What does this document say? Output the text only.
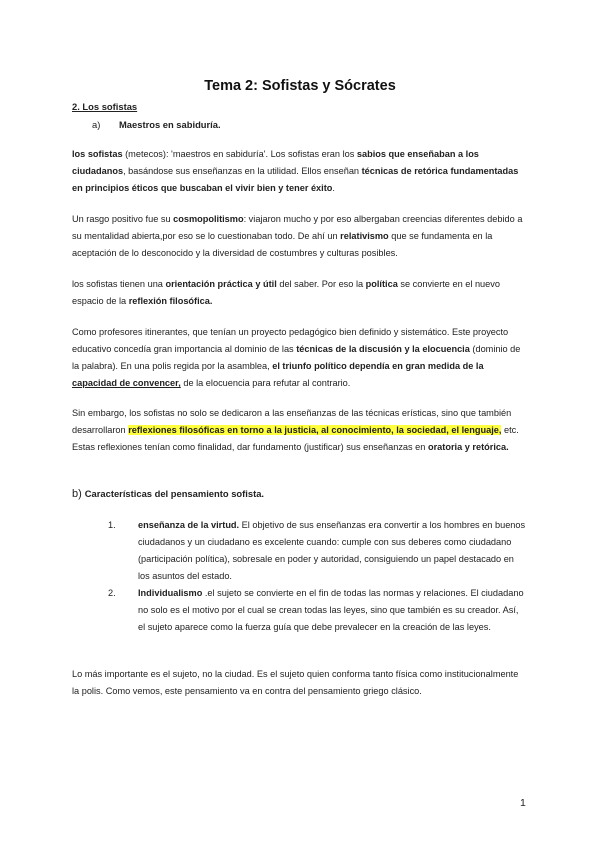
Tema 2: Sofistas y Sócrates
2. Los sofistas
a) Maestros en sabiduría.
los sofistas (metecos): 'maestros en sabiduría'. Los sofistas eran los sabios que enseñaban a los ciudadanos, basándose sus enseñanzas en la utilidad. Ellos enseñan técnicas de retórica fundamentadas en principios éticos que buscaban el vivir bien y tener éxito.
Un rasgo positivo fue su cosmopolitismo: viajaron mucho y por eso albergaban creencias diferentes debido a su mentalidad abierta,por eso se lo cuestionaban todo. De ahí un relativismo que se fundamenta en la aceptación de lo desconocido y la diversidad de costumbres y culturas posibles.
los sofistas tienen una orientación práctica y útil del saber. Por eso la política se convierte en el nuevo espacio de la reflexión filosófica.
Como profesores itinerantes, que tenían un proyecto pedagógico bien definido y sistemático. Este proyecto educativo concedía gran importancia al dominio de las técnicas de la discusión y la elocuencia (dominio de la palabra). En una polis regida por la asamblea, el triunfo político dependía en gran medida de la capacidad de convencer, de la elocuencia para refutar al contrario.
Sin embargo, los sofistas no solo se dedicaron a las enseñanzas de las técnicas erísticas, sino que también desarrollaron reflexiones filosóficas en torno a la justicia, al conocimiento, la sociedad, el lenguaje, etc. Estas reflexiones tenían como finalidad, dar fundamento (justificar) sus enseñanzas en oratoria y retórica.
b) Características del pensamiento sofista.
1. enseñanza de la virtud. El objetivo de sus enseñanzas era convertir a los hombres en buenos ciudadanos y un ciudadano es excelente cuando: cumple con sus deberes como ciudadano (participación política), sobresale en poder y autoridad, consiguiendo un papel destacado en los asuntos del estado.
2. Individualismo .el sujeto se convierte en el fin de todas las normas y relaciones. El ciudadano no solo es el motivo por el cual se crean todas las leyes, sino que también es su creador. Así, el sujeto aparece como la fuerza guía que debe prevalecer en la creación de las leyes.
Lo más importante es el sujeto, no la ciudad. Es el sujeto quien conforma tanto física como institucionalmente la polis. Como vemos, este pensamiento va en contra del pensamiento griego clásico.
1
